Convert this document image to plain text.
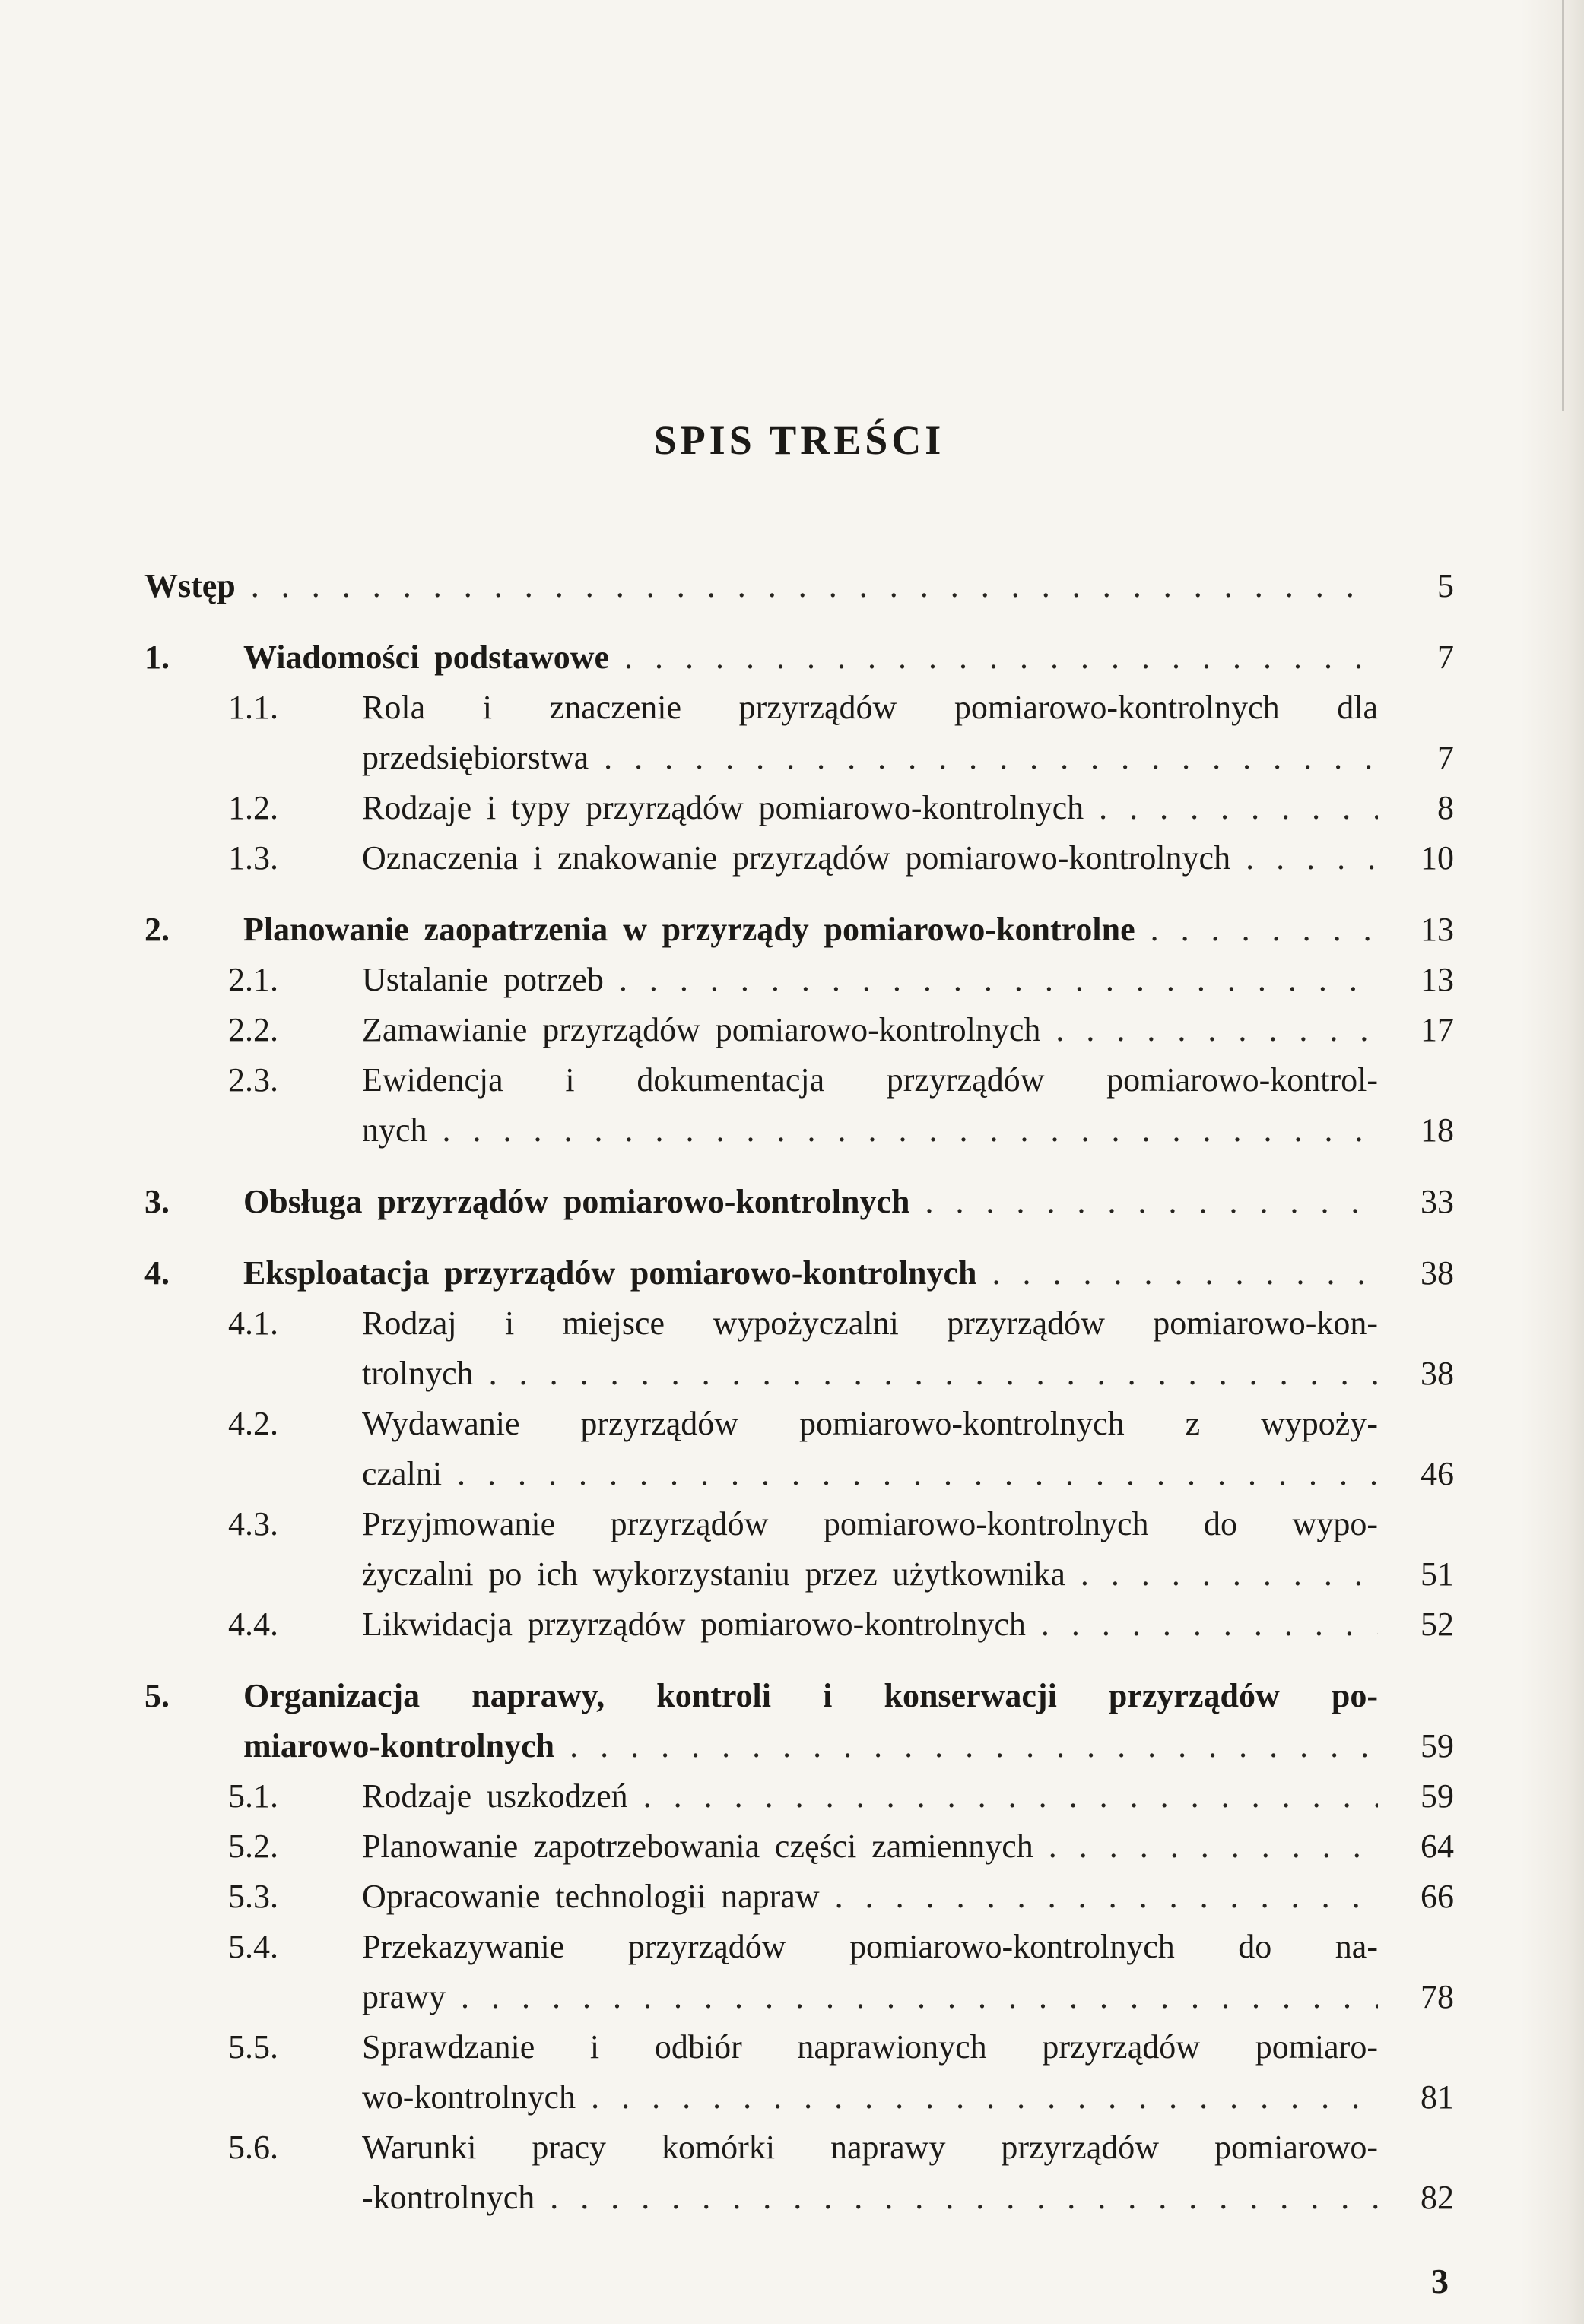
SPIS TREŚCI
Wstęp . . .	5
1.	Wiadomości podstawowe . . .	7
1.1.	Rola i znaczenie przyrządów pomiarowo-kontrolnych dla
przedsiębiorstwa . . .	7
1.2.	Rodzaje i typy przyrządów pomiarowo-kontrolnych . . .	8
1.3.	Oznaczenia i znakowanie przyrządów pomiarowo-kontrolnych . . .	10
2.	Planowanie zaopatrzenia w przyrządy pomiarowo-kontrolne . . .	13
2.1.	Ustalanie potrzeb . . .	13
2.2.	Zamawianie przyrządów pomiarowo-kontrolnych . . .	17
2.3.	Ewidencja i dokumentacja przyrządów pomiarowo-kontrol-
nych . . .	18
3.	Obsługa przyrządów pomiarowo-kontrolnych . . .	33
4.	Eksploatacja przyrządów pomiarowo-kontrolnych . . .	38
4.1.	Rodzaj i miejsce wypożyczalni przyrządów pomiarowo-kon-
trolnych . . .	38
4.2.	Wydawanie przyrządów pomiarowo-kontrolnych z wypoży-
czalni . . .	46
4.3.	Przyjmowanie przyrządów pomiarowo-kontrolnych do wypo-
życzalni po ich wykorzystaniu przez użytkownika . . .	51
4.4.	Likwidacja przyrządów pomiarowo-kontrolnych . . .	52
5.	Organizacja naprawy, kontroli i konserwacji przyrządów po-
miarowo-kontrolnych . . .	59
5.1.	Rodzaje uszkodzeń . . .	59
5.2.	Planowanie zapotrzebowania części zamiennych . . .	64
5.3.	Opracowanie technologii napraw . . .	66
5.4.	Przekazywanie przyrządów pomiarowo-kontrolnych do na-
prawy . . .	78
5.5.	Sprawdzanie i odbiór naprawionych przyrządów pomiaro-
wo-kontrolnych . . .	81
5.6.	Warunki pracy komórki naprawy przyrządów pomiarowo-
-kontrolnych . . .	82
3
